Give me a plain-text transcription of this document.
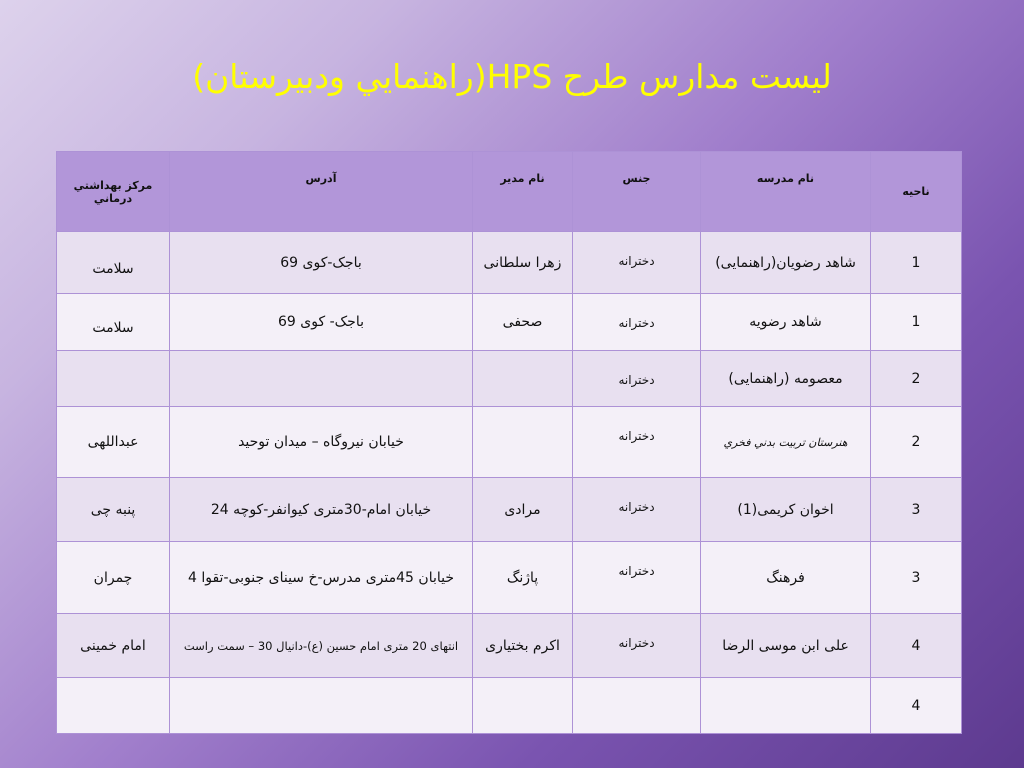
لیست مدارس طرح HPS(راهنمايي ودبيرستان)
ناحيه	نام مدرسه	جنس	نام مدير	آدرس	مركز بهداشتي درماني
1	شاهد رضویان(راهنمایی)	دخترانه	زهرا سلطانی	باجک-کوی 69	سلامت
1	شاهد رضویه	دخترانه	صحفی	باجک- کوی 69	سلامت
2	معصومه (راهنمایی)	دخترانه			
2	هنرستان تربيت بدني فخري	دخترانه		خیابان نیروگاه – میدان توحید	عبداللهی
3	اخوان کریمی(1)	دخترانه	مرادی	خیابان امام-30متری کیوانفر-کوچه 24	پنبه چی
3	فرهنگ	دخترانه	پاژنگ	خیابان 45متری مدرس-خ سینای جنوبی-تقوا 4	چمران
4	علی ابن موسی الرضا	دخترانه	اکرم بختیاری	انتهای 20 متری امام حسین (ع)-دانیال 30 – سمت راست	امام خمینی
4					
